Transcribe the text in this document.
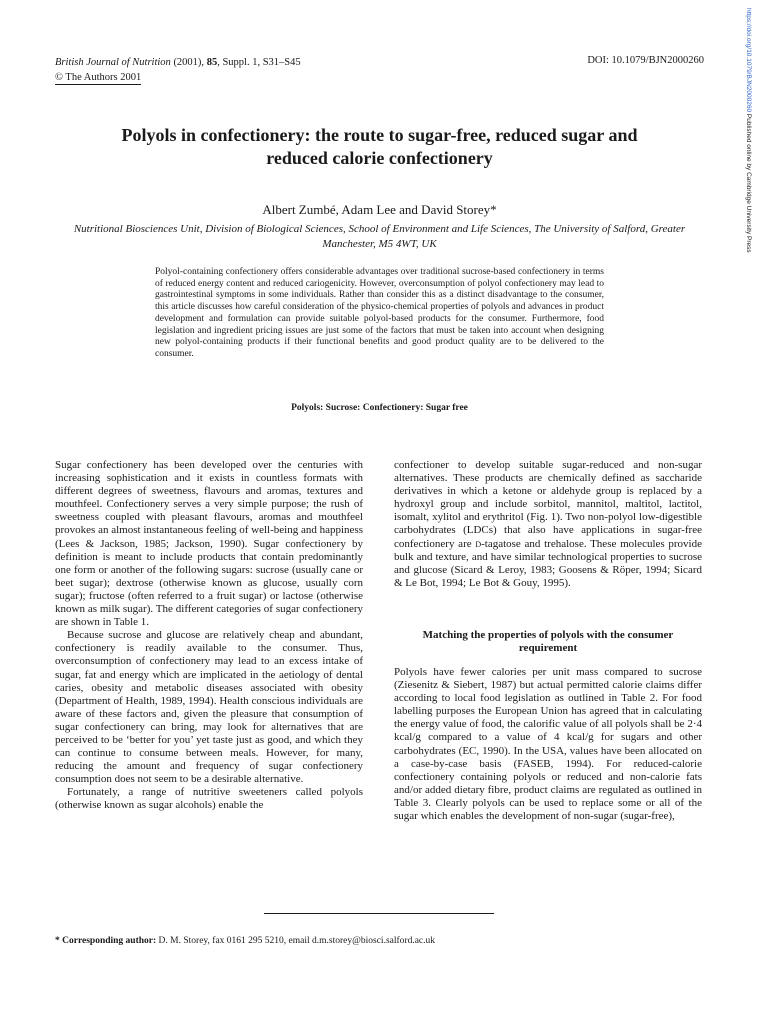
British Journal of Nutrition (2001), 85, Suppl. 1, S31–S45
© The Authors 2001
DOI: 10.1079/BJN2000260	https://doi.org/10.1079/BJN2000260 Published online by Cambridge University Press
Polyols in confectionery: the route to sugar-free, reduced sugar and
reduced calorie confectionery
Albert Zumbé, Adam Lee and David Storey*
Nutritional Biosciences Unit, Division of Biological Sciences, School of Environment and Life Sciences, The University of Salford, Greater Manchester, M5 4WT, UK

Polyol-containing confectionery offers considerable advantages over traditional sucrose-based confectionery in terms of reduced energy content and reduced cariogenicity. However, overconsumption of polyol confectionery may lead to gastrointestinal symptoms in some individuals. Rather than consider this as a distinct disadvantage to the consumer, this article discusses how careful consideration of the physico-chemical properties of polyols and advances in product development and formulation can provide suitable polyol-based products for the consumer. Furthermore, food legislation and ingredient pricing issues are just some of the factors that must be taken into account when designing new polyol-containing products if their functional benefits and good product quality are to be delivered to the consumer.

Polyols: Sucrose: Confectionery: Sugar free

Sugar confectionery has been developed over the centuries with increasing sophistication and it exists in countless formats with different degrees of sweetness, flavours and aromas, textures and mouthfeel. Confectionery serves a very simple purpose; the rush of sweetness coupled with pleasant flavours, aromas and mouthfeel provokes an almost instantaneous feeling of well-being and happiness (Lees & Jackson, 1985; Jackson, 1990). Sugar confectionery by definition is meant to include products that contain predominantly one form or another of the following sugars: sucrose (usually cane or beet sugar); dextrose (otherwise known as glucose, usually corn sugar); fructose (often referred to a fruit sugar) or lactose (otherwise known as milk sugar). The different categories of sugar confectionery are shown in Table 1.

Because sucrose and glucose are relatively cheap and abundant, confectionery is readily available to the consumer. Thus, overconsumption of confectionery may lead to an excess intake of sugar, fat and energy which are implicated in the aetiology of dental caries, obesity and metabolic diseases associated with obesity (Department of Health, 1989, 1994). Health conscious individuals are aware of these factors and, given the pleasure that consumption of sugar confectionery can bring, may look for alternatives that are perceived to be ‘better for you’ yet taste just as good, and which they can continue to consume between meals. However, for many, reducing the amount and frequency of sugar confectionery consumption does not seem to be a desirable alternative.

Fortunately, a range of nutritive sweeteners called polyols (otherwise known as sugar alcohols) enable the

confectioner to develop suitable sugar-reduced and non-sugar alternatives. These products are chemically defined as saccharide derivatives in which a ketone or aldehyde group is replaced by a hydroxyl group and include sorbitol, mannitol, maltitol, lactitol, isomalt, xylitol and erythritol (Fig. 1). Two non-polyol low-digestible carbohydrates (LDCs) that also have applications in sugar-free confectionery are d-tagatose and trehalose. These molecules provide bulk and texture, and have similar technological properties to sucrose and glucose (Sicard & Leroy, 1983; Goosens & Röper, 1994; Sicard & Le Bot, 1994; Le Bot & Gouy, 1995).

Matching the properties of polyols with the consumer requirement

Polyols have fewer calories per unit mass compared to sucrose (Ziesenitz & Siebert, 1987) but actual permitted calorie claims differ according to local food legislation as outlined in Table 2. For food labelling purposes the European Union has agreed that in calculating the energy value of food, the calorific value of all polyols shall be 2·4 kcal/g compared to a value of 4 kcal/g for sugars and other carbohydrates (EC, 1990). In the USA, values have been allocated on a case-by-case basis (FASEB, 1994). For reduced-calorie confectionery containing polyols or reduced and non-calorie fats and/or added dietary fibre, product claims are regulated as outlined in Table 3. Clearly polyols can be used to replace some or all of the sugar which enables the development of non-sugar (sugar-free),

* Corresponding author: D. M. Storey, fax 0161 295 5210, email d.m.storey@biosci.salford.ac.uk
